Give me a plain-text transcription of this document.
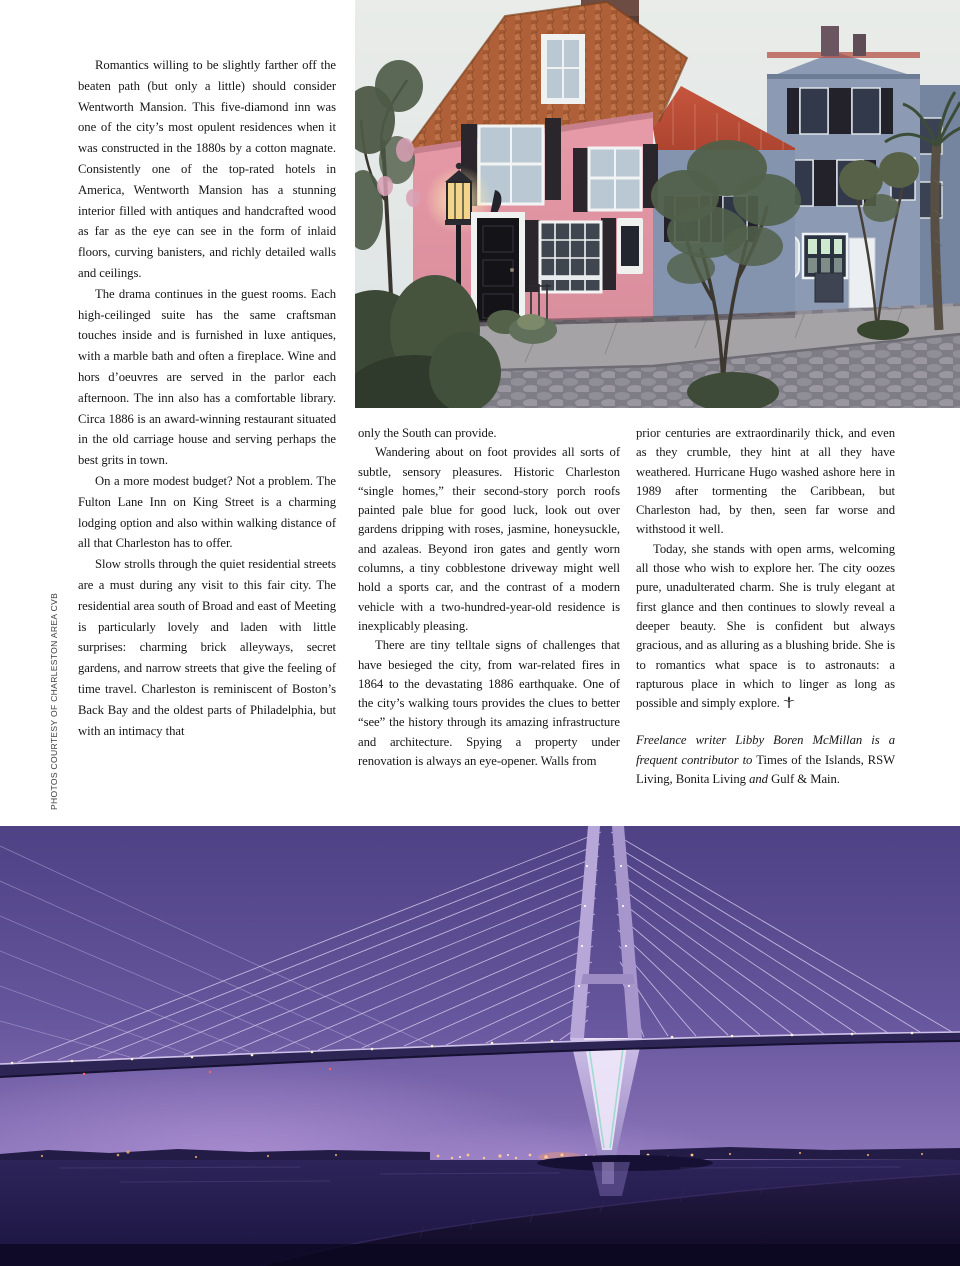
PHOTOS COURTESY OF CHARLESTON AREA CVB

Romantics willing to be slightly farther off the beaten path (but only a little) should consider Wentworth Mansion. This five-diamond inn was one of the city’s most opulent residences when it was constructed in the 1880s by a cotton magnate. Consistently one of the top-rated hotels in America, Wentworth Mansion has a stunning interior filled with antiques and handcrafted wood as far as the eye can see in the form of inlaid floors, curving banisters, and richly detailed walls and ceilings.

The drama continues in the guest rooms. Each high-ceilinged suite has the same craftsman touches inside and is furnished in luxe antiques, with a marble bath and often a fireplace. Wine and hors d’oeuvres are served in the parlor each afternoon. The inn also has a comfortable library. Circa 1886 is an award-winning restaurant situated in the old carriage house and serving perhaps the best grits in town.

On a more modest budget? Not a problem. The Fulton Lane Inn on King Street is a charming lodging option and also within walking distance of all that Charleston has to offer.

Slow strolls through the quiet residential streets are a must during any visit to this fair city. The residential area south of Broad and east of Meeting is particularly lovely and laden with little surprises: charming brick alleyways, secret gardens, and narrow streets that give the feeling of time travel. Charleston is reminiscent of Boston’s Back Bay and the oldest parts of Philadelphia, but with an intimacy that

only the South can provide.

Wandering about on foot provides all sorts of subtle, sensory pleasures. Historic Charleston “single homes,” their second-story porch roofs painted pale blue for good luck, look out over gardens dripping with roses, jasmine, honeysuckle, and azaleas. Beyond iron gates and gently worn columns, a tiny cobblestone driveway might well hold a sports car, and the contrast of a modern vehicle with a two-hundred-year-old residence is inexplicably pleasing.

There are tiny telltale signs of challenges that have besieged the city, from war-related fires in 1864 to the devastating 1886 earthquake. One of the city’s walking tours provides the clues to better “see” the history through its amazing infrastructure and architecture. Spying a property under renovation is always an eye-opener. Walls from

prior centuries are extraordinarily thick, and even as they crumble, they hint at all they have weathered. Hurricane Hugo washed ashore here in 1989 after tormenting the Caribbean, but Charleston had, by then, seen far worse and withstood it well.

Today, she stands with open arms, welcoming all those who wish to explore her. The city oozes pure, unadulterated charm. She is truly elegant at first glance and then continues to slowly reveal a deeper beauty. She is confident but always gracious, and as alluring as a blushing bride. She is to romantics what space is to astronauts: a rapturous place in which to linger as long as possible and simply explore.

Freelance writer Libby Boren McMillan is a frequent contributor to Times of the Islands, RSW Living, Bonita Living and Gulf & Main.
